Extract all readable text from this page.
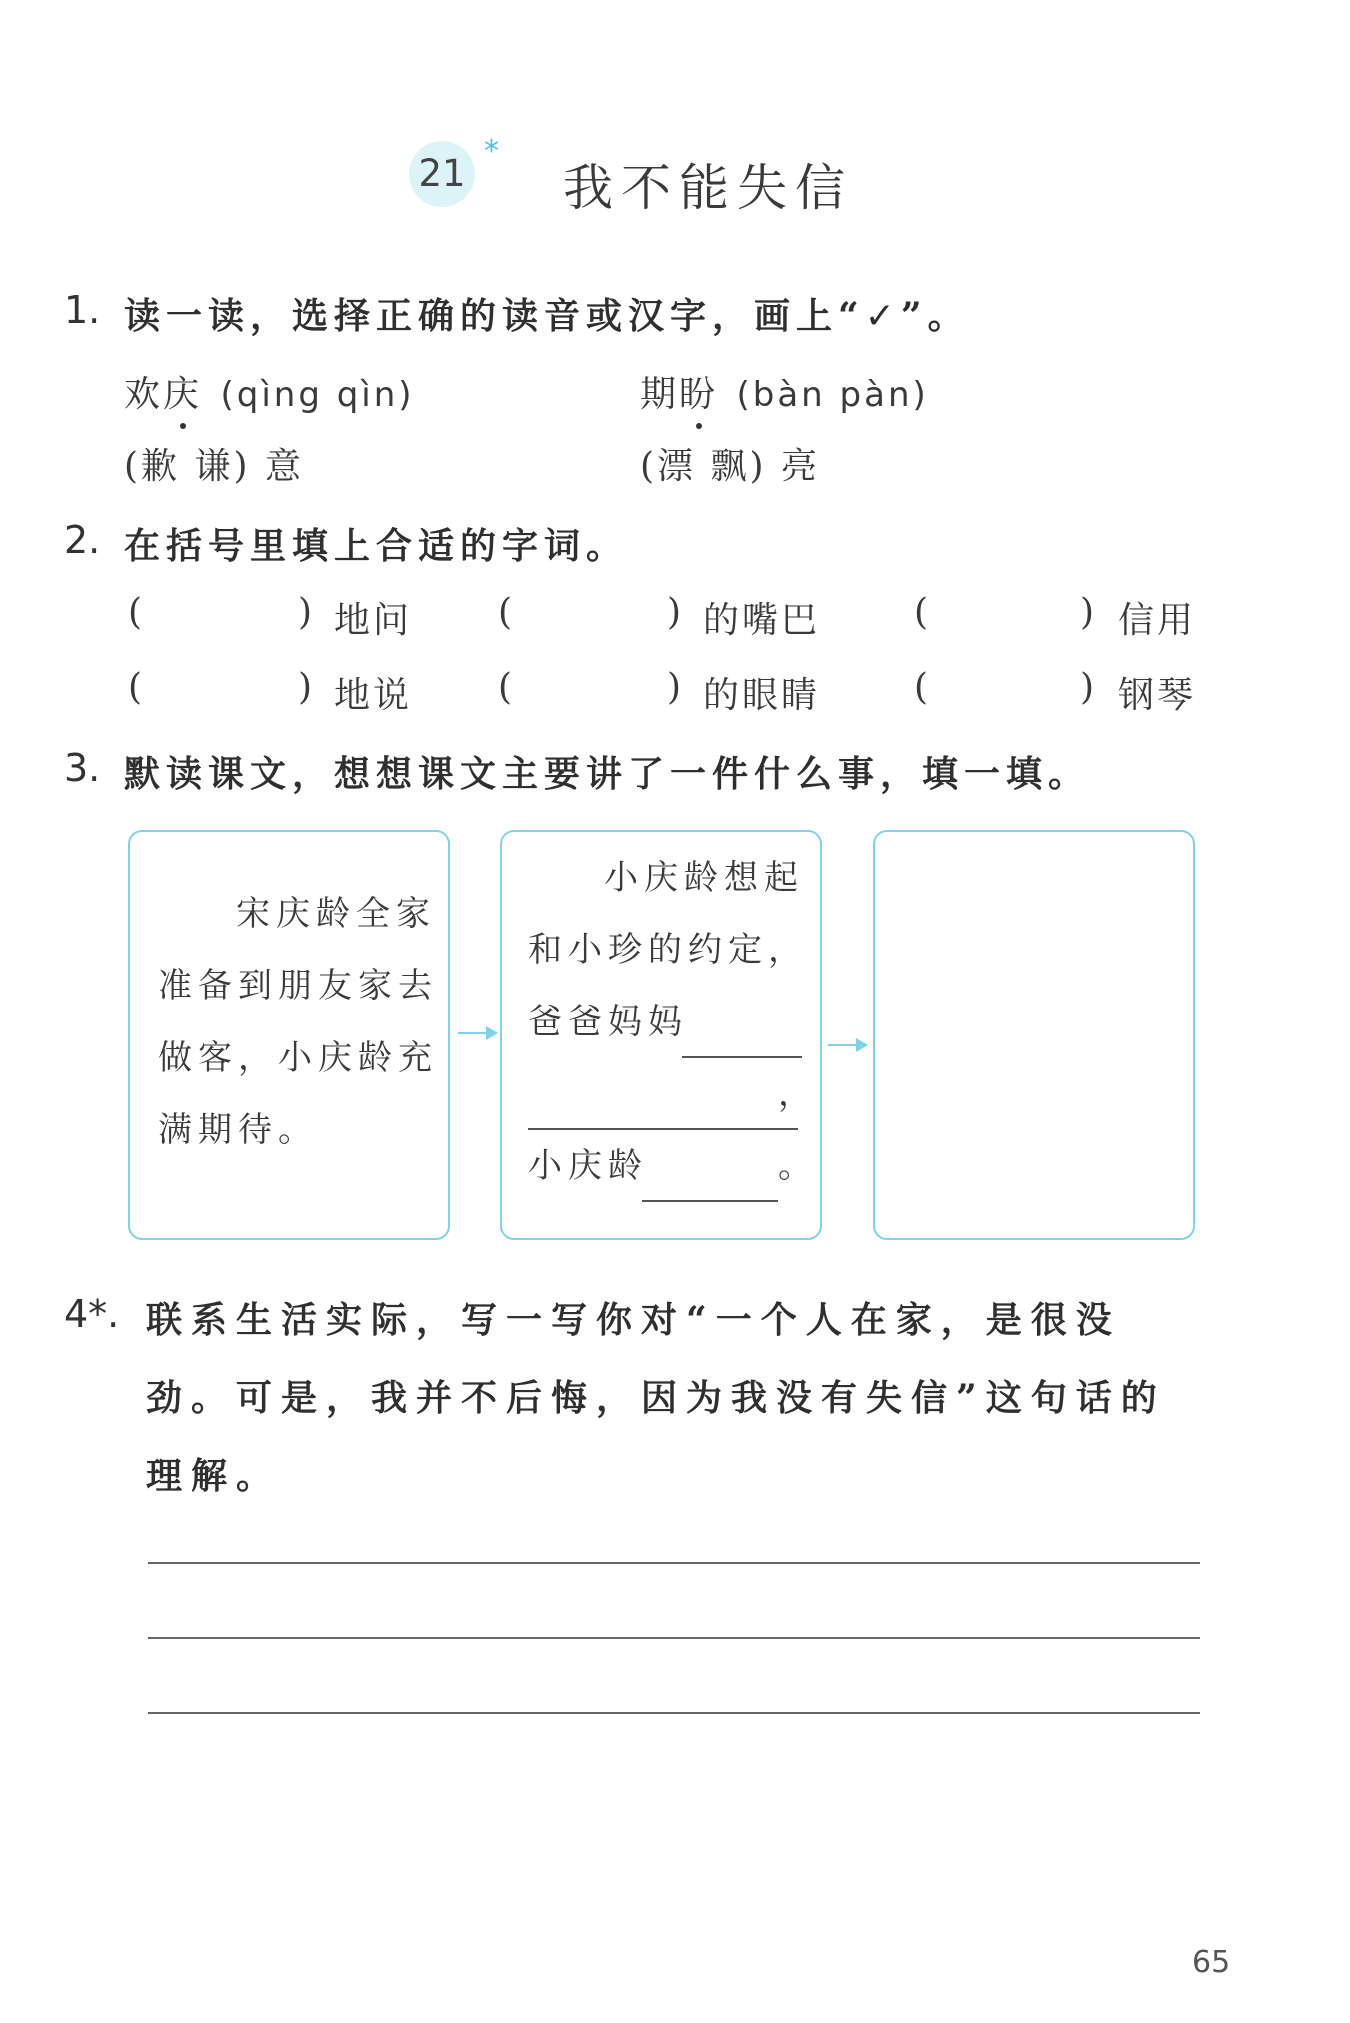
21
*
我不能失信
1. 读一读，选择正确的读音或汉字，画上“✓”。
欢庆 (qìng qìn)	期盼 (bàn pàn)
(歉 谦) 意	(漂 飘) 亮
2. 在括号里填上合适的字词。
(	) 地问 (	) 的嘴巴	(	) 信用
(	) 地说 (	) 的眼睛	(	) 钢琴
3. 默读课文，想想课文主要讲了一件什么事，填一填。
宋庆龄全家
准备到朋友家去
做客，小庆龄充
满期待。
小庆龄想起
和小珍的约定，
爸爸妈妈
，
小庆龄	。
4*. 联系生活实际，写一写你对“一个人在家，是很没
劲。可是，我并不后悔，因为我没有失信”这句话的
理解。
65
